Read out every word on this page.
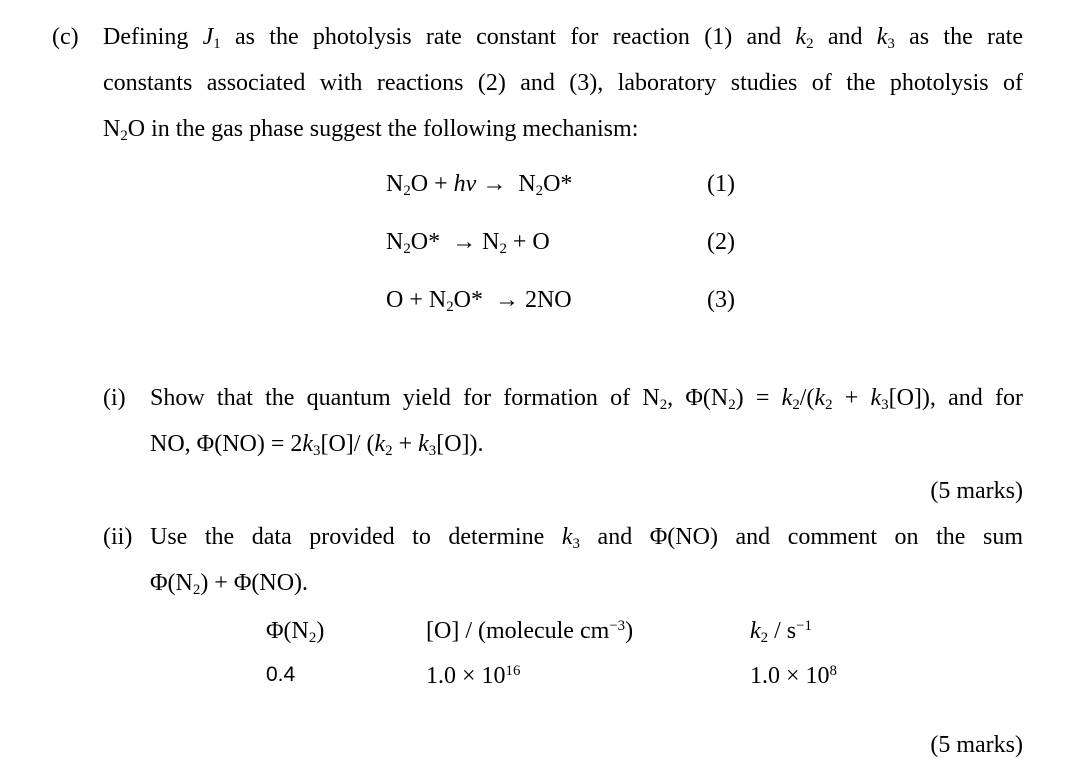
(c) Defining $J_1$ as the photolysis rate constant for reaction (1) and $k_2$ and $k_3$ as the rate
constants associated with reactions (2) and (3), laboratory studies of the photolysis of
$N_2O$ in the gas phase suggest the following mechanism:
$N_2O + h\nu \to N_2O*$	(1)
$N_2O* \to N_2 + O$	(2)
$O + N_2O* \to 2NO$	(3)
(i) Show that the quantum yield for formation of $N_2$, $\Phi(N_2) = k_2/(k_2 + k_3[O])$, and for
NO, $\Phi(NO) = 2k_3[O]/$ $(k_2 + k_3[O])$.
(5 marks)
(ii) Use the data provided to determine $k_3$ and Φ(NO) and comment on the sum
$\Phi(N_2) + \Phi(NO)$.
$\Phi(N_2)$	[O] / (molecule $cm^{-3}$)	$k_2 / s^{-1}$
0.4	$1.0 \times 10^{16}$	$1.0 \times 10^8$
(5 marks)
